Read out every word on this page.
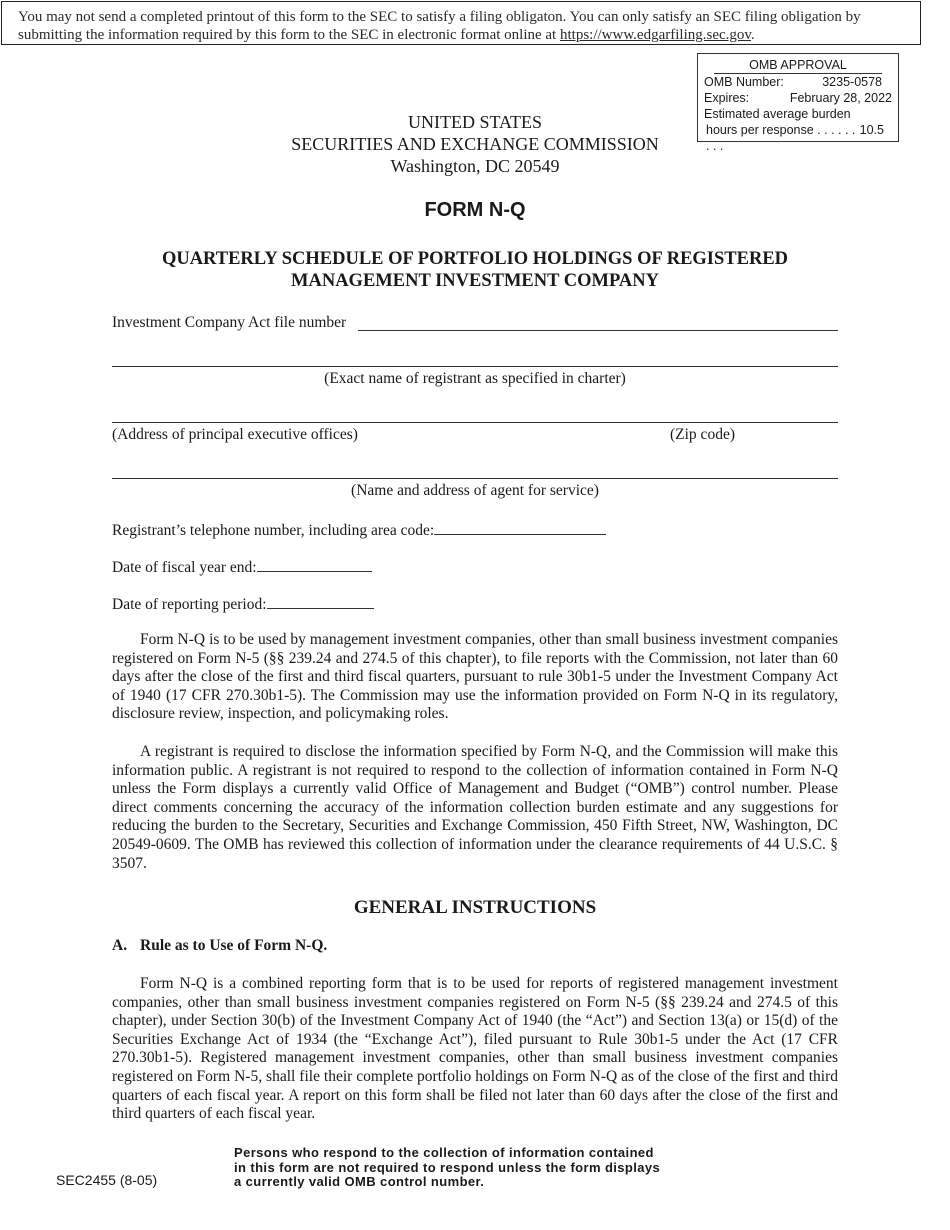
You may not send a completed printout of this form to the SEC to satisfy a filing obligaton. You can only satisfy an SEC filing obligation by submitting the information required by this form to the SEC in electronic format online at https://www.edgarfiling.sec.gov.
OMB APPROVAL
OMB Number:	3235-0578
Expires:	February 28, 2022
Estimated average burden
hours per response . . . . . . . . .
10.5
UNITED STATES
SECURITIES AND EXCHANGE COMMISSION
Washington, DC 20549
FORM N-Q
QUARTERLY SCHEDULE OF PORTFOLIO HOLDINGS OF REGISTERED
MANAGEMENT INVESTMENT COMPANY
Investment Company Act file number
(Exact name of registrant as specified in charter)
(Address of principal executive offices)	(Zip code)
(Name and address of agent for service)
Registrant’s telephone number, including area code:
Date of fiscal year end:
Date of reporting period:

Form N-Q is to be used by management investment companies, other than small business investment companies registered on Form N-5 (§§ 239.24 and 274.5 of this chapter), to file reports with the Commission, not later than 60 days after the close of the first and third fiscal quarters, pursuant to rule 30b1-5 under the Investment Company Act of 1940 (17 CFR 270.30b1-5). The Commission may use the information provided on Form N-Q in its regulatory, disclosure review, inspection, and policymaking roles.

A registrant is required to disclose the information specified by Form N-Q, and the Commission will make this information public. A registrant is not required to respond to the collection of information contained in Form N-Q unless the Form displays a currently valid Office of Management and Budget (“OMB”) control number. Please direct comments concerning the accuracy of the information collection burden estimate and any suggestions for reducing the burden to the Secretary, Securities and Exchange Commission, 450 Fifth Street, NW, Washington, DC 20549-0609. The OMB has reviewed this collection of information under the clearance requirements of 44 U.S.C. § 3507.

GENERAL INSTRUCTIONS
A. Rule as to Use of Form N-Q.

Form N-Q is a combined reporting form that is to be used for reports of registered management investment companies, other than small business investment companies registered on Form N-5 (§§ 239.24 and 274.5 of this chapter), under Section 30(b) of the Investment Company Act of 1940 (the “Act”) and Section 13(a) or 15(d) of the Securities Exchange Act of 1934 (the “Exchange Act”), filed pursuant to Rule 30b1-5 under the Act (17 CFR 270.30b1-5). Registered management investment companies, other than small business investment companies registered on Form N-5, shall file their complete portfolio holdings on Form N-Q as of the close of the first and third quarters of each fiscal year. A report on this form shall be filed not later than 60 days after the close of the first and third quarters of each fiscal year.

SEC2455 (8-05)
Persons who respond to the collection of information contained
in this form are not required to respond unless the form displays
a currently valid OMB control number.
